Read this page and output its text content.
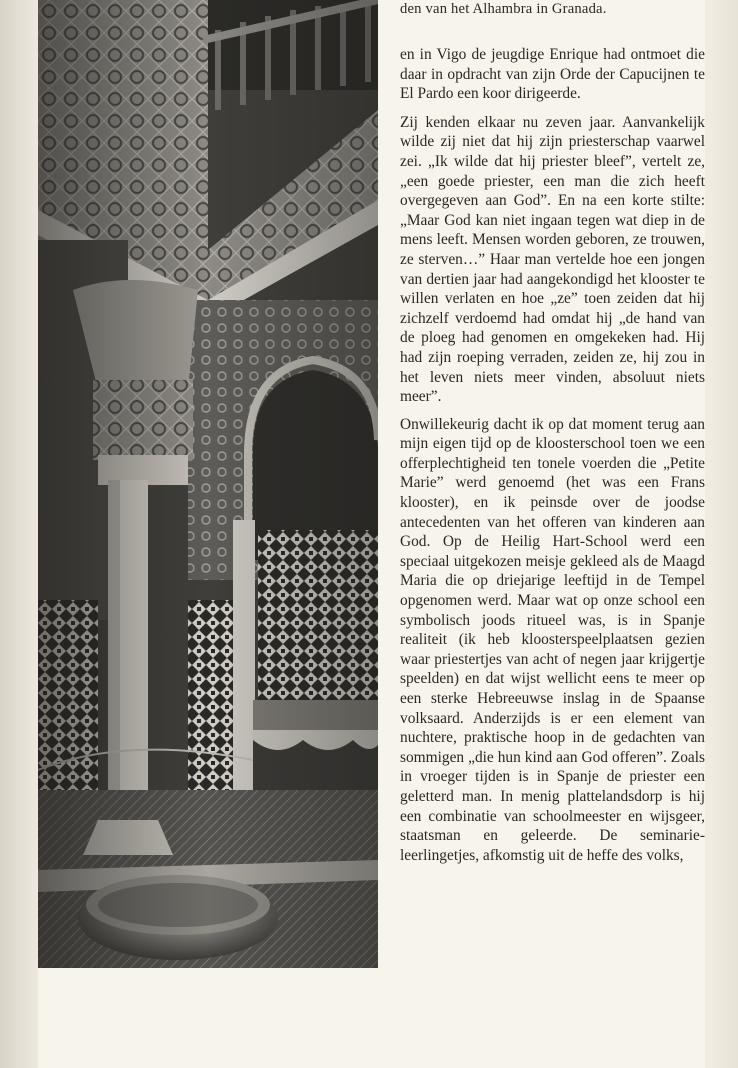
den van het Alhambra in Granada.

en in Vigo de jeugdige Enrique had ontmoet die daar in opdracht van zijn Orde der Capucijnen te El Pardo een koor dirigeerde.

Zij kenden elkaar nu zeven jaar. Aanvankelijk wilde zij niet dat hij zijn priesterschap vaarwel zei. „Ik wilde dat hij priester bleef”, vertelt ze, „een goede priester, een man die zich heeft overgegeven aan God”. En na een korte stilte: „Maar God kan niet ingaan tegen wat diep in de mens leeft. Mensen worden geboren, ze trouwen, ze sterven…” Haar man vertelde hoe een jongen van dertien jaar had aangekondigd het klooster te willen verlaten en hoe „ze” toen zeiden dat hij zichzelf verdoemd had omdat hij „de hand van de ploeg had genomen en omgekeken had. Hij had zijn roeping verraden, zeiden ze, hij zou in het leven niets meer vinden, absoluut niets meer”.

Onwillekeurig dacht ik op dat moment terug aan mijn eigen tijd op de kloosterschool toen we een offerplechtigheid ten tonele voerden die „Petite Marie” werd genoemd (het was een Frans klooster), en ik peinsde over de joodse antecedenten van het offeren van kinderen aan God. Op de Heilig Hart-School werd een speciaal uitgekozen meisje gekleed als de Maagd Maria die op driejarige leeftijd in de Tempel opgenomen werd. Maar wat op onze school een symbolisch joods ritueel was, is in Spanje realiteit (ik heb kloosterspeelplaatsen gezien waar priestertjes van acht of negen jaar krijgertje speelden) en dat wijst wellicht eens te meer op een sterke Hebreeuwse inslag in de Spaanse volksaard. Anderzijds is er een element van nuchtere, praktische hoop in de gedachten van sommigen „die hun kind aan God offeren”. Zoals in vroeger tijden is in Spanje de priester een geletterd man. In menig plattelandsdorp is hij een combinatie van schoolmeester en wijsgeer, staatsman en geleerde. De seminarie-leerlingetjes, afkomstig uit de heffe des volks,
